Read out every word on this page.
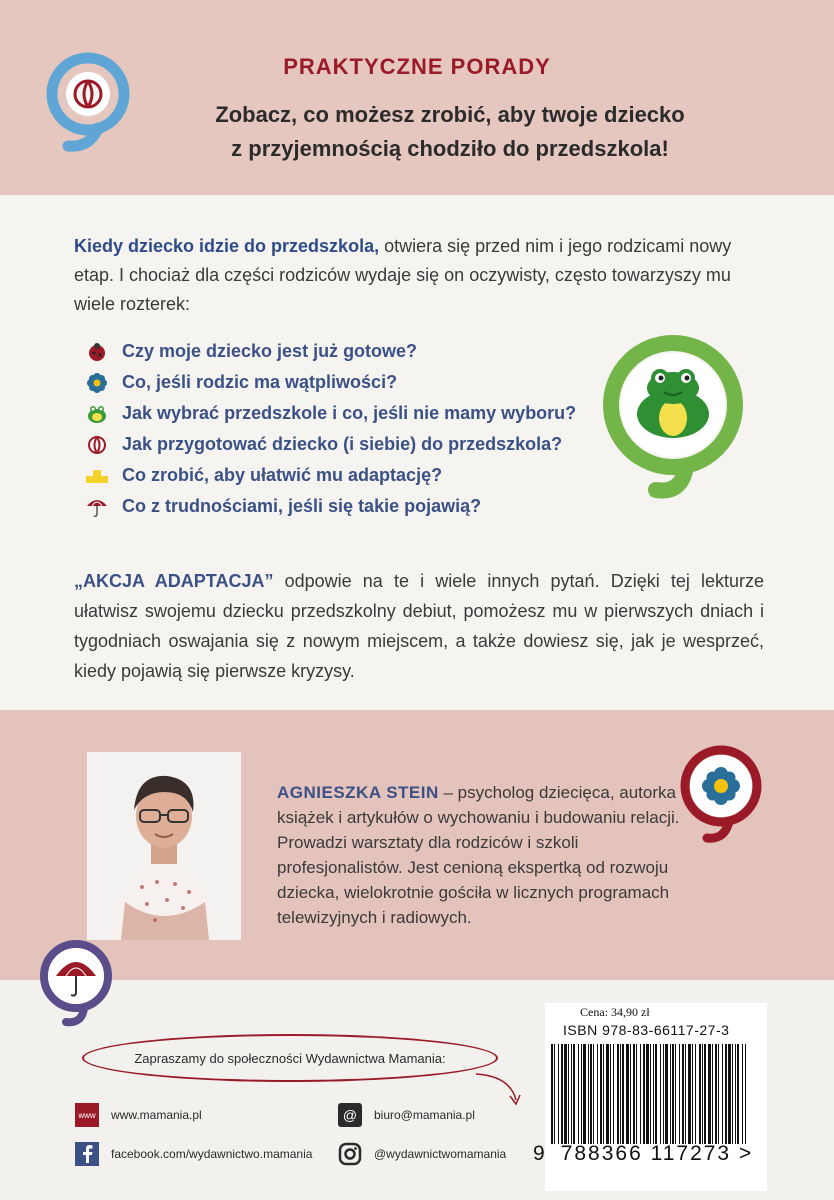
PRAKTYCZNE PORADY
Zobacz, co możesz zrobić, aby twoje dziecko
z przyjemnością chodziło do przedszkola!
Kiedy dziecko idzie do przedszkola, otwiera się przed nim i jego rodzicami nowy etap. I chociaż dla części rodziców wydaje się on oczywisty, często towarzyszy mu wiele rozterek:
Czy moje dziecko jest już gotowe?
Co, jeśli rodzic ma wątpliwości?
Jak wybrać przedszkole i co, jeśli nie mamy wyboru?
Jak przygotować dziecko (i siebie) do przedszkola?
Co zrobić, aby ułatwić mu adaptację?
Co z trudnościami, jeśli się takie pojawią?
„AKCJA ADAPTACJA” odpowie na te i wiele innych pytań. Dzięki tej lekturze ułatwisz swojemu dziecku przedszkolny debiut, pomożesz mu w pierwszych dniach i tygodniach oswajania się z nowym miejscem, a także dowiesz się, jak je wesprzeć, kiedy pojawią się pierwsze kryzysy.
AGNIESZKA STEIN – psycholog dziecięca, autorka książek i artykułów o wychowaniu i budowaniu relacji. Prowadzi warsztaty dla rodziców i szkoli profesjonalistów. Jest cenioną ekspertką od rozwoju dziecka, wielokrotnie gościła w licznych programach telewizyjnych i radiowych.
Zapraszamy do społeczności Wydawnictwa Mamania:
www www.mamania.pl
facebook.com/wydawnictwo.mamania
@	biuro@mamania.pl
@wydawnictwomamania
Cena: 34,90 zł
ISBN 978-83-66117-27-3
9 788366 117273 >
